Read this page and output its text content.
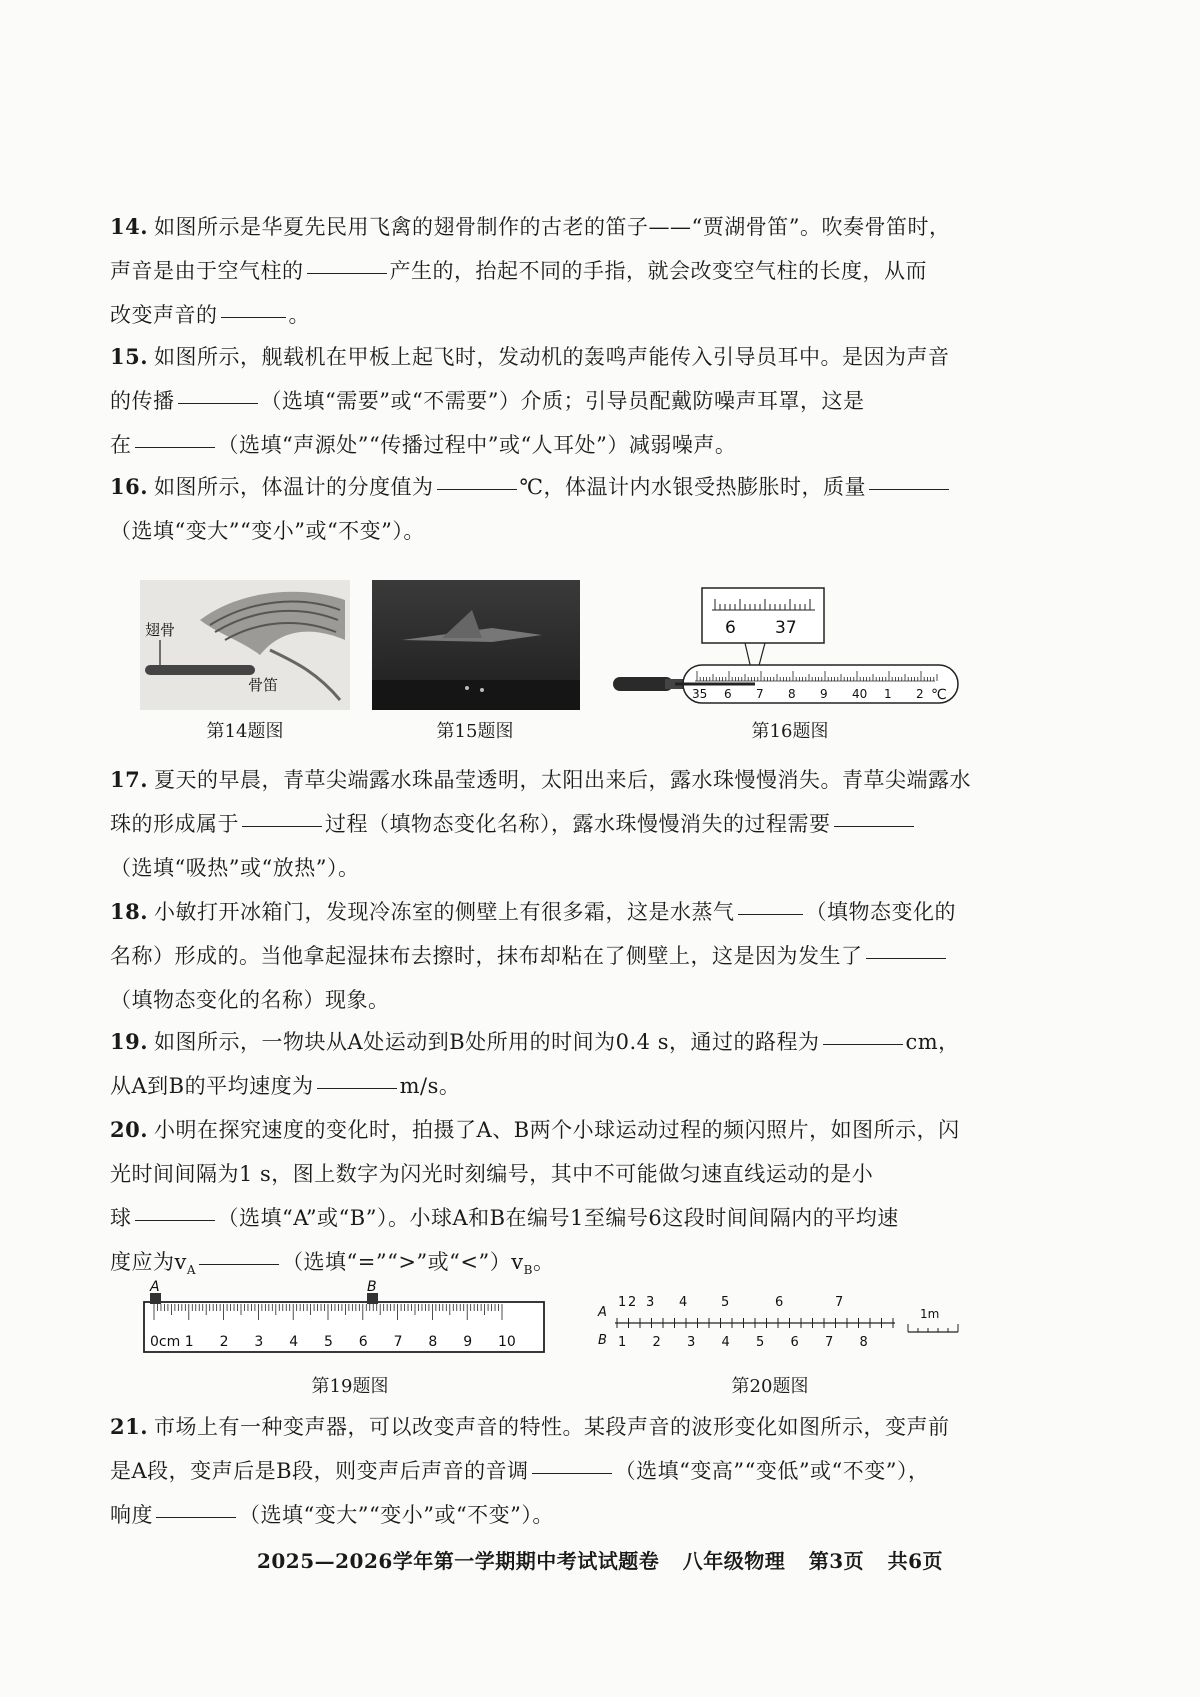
14. 如图所示是华夏先民用飞禽的翅骨制作的古老的笛子——“贾湖骨笛”。吹奏骨笛时，
声音是由于空气柱的	产生的，抬起不同的手指，就会改变空气柱的长度，从而
改变声音的	。
15. 如图所示，舰载机在甲板上起飞时，发动机的轰鸣声能传入引导员耳中。是因为声音
的传播	（选填“需要”或“不需要”）介质；引导员配戴防噪声耳罩，这是
在	（选填“声源处”“传播过程中”或“人耳处”）减弱噪声。
16. 如图所示，体温计的分度值为	℃，体温计内水银受热膨胀时，质量
（选填“变大”“变小”或“不变”）。
翅骨
骨笛
第14题图	第15题图
6 37
35 6 7 8 9 40 1 2 ℃
第16题图
17. 夏天的早晨，青草尖端露水珠晶莹透明，太阳出来后，露水珠慢慢消失。青草尖端露水
珠的形成属于	过程（填物态变化名称），露水珠慢慢消失的过程需要
（选填“吸热”或“放热”）。
18. 小敏打开冰箱门，发现冷冻室的侧壁上有很多霜，这是水蒸气	（填物态变化的
名称）形成的。当他拿起湿抹布去擦时，抹布却粘在了侧壁上，这是因为发生了
（填物态变化的名称）现象。
19. 如图所示，一物块从A处运动到B处所用的时间为0.4 s，通过的路程为	cm，
从A到B的平均速度为	m/s。
20. 小明在探究速度的变化时，拍摄了A、B两个小球运动过程的频闪照片，如图所示，闪
光时间间隔为1 s，图上数字为闪光时刻编号，其中不可能做匀速直线运动的是小
球	（选填“A”或“B”）。小球A和B在编号1至编号6这段时间间隔内的平均速
度应为$v_A$	（选填“=”“>”或“$<”)v_B$。
A	B
0cm 1 2 3 4 5 6 7 8 9 10
第19题图
A
B
1 2 3 4	5	6	7
1 2 3 4 5 6 7 8
1m
第20题图
21. 市场上有一种变声器，可以改变声音的特性。某段声音的波形变化如图所示，变声前
是A段，变声后是B段，则变声后声音的音调	（选填“变高”“变低”或“不变”），
响度	（选填“变大”“变小”或“不变”）。
2025—2026学年第一学期期中考试试题卷 八年级物理 第3页 共6页
